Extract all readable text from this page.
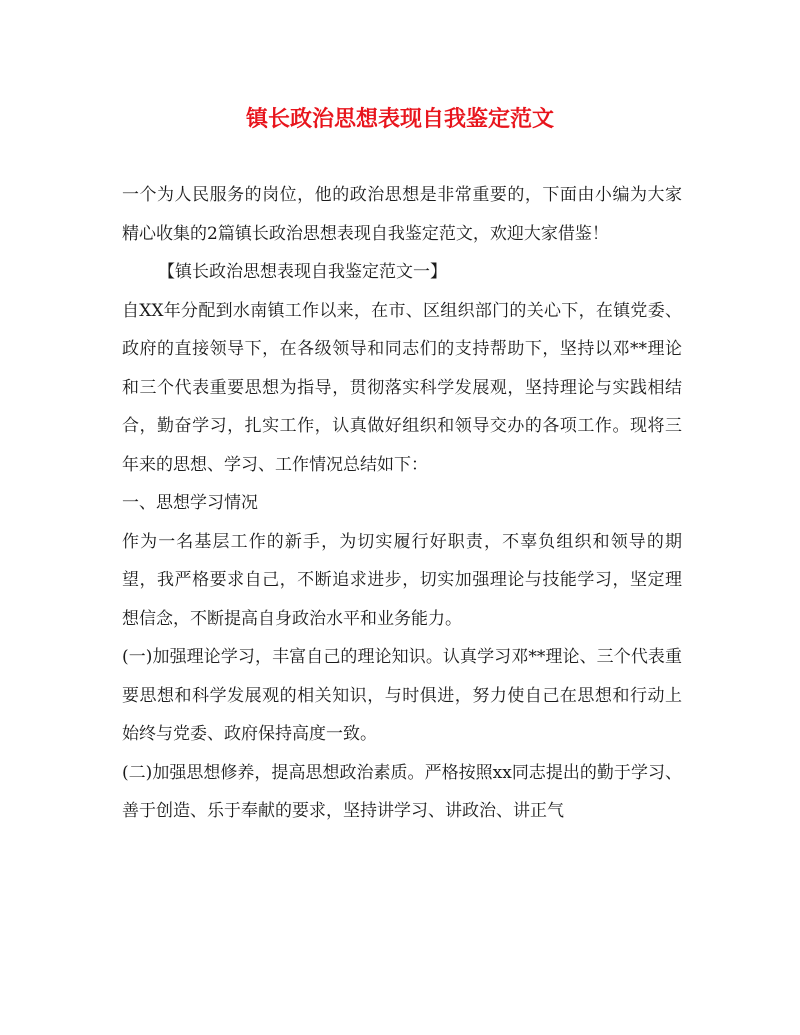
镇长政治思想表现自我鉴定范文

一个为人民服务的岗位，他的政治思想是非常重要的，下面由小编为大家精心收集的2篇镇长政治思想表现自我鉴定范文，欢迎大家借鉴！

【镇长政治思想表现自我鉴定范文一】

自XX年分配到水南镇工作以来，在市、区组织部门的关心下，在镇党委、政府的直接领导下，在各级领导和同志们的支持帮助下，坚持以邓**理论和三个代表重要思想为指导，贯彻落实科学发展观，坚持理论与实践相结合，勤奋学习，扎实工作，认真做好组织和领导交办的各项工作。现将三年来的思想、学习、工作情况总结如下：

一、思想学习情况

作为一名基层工作的新手，为切实履行好职责，不辜负组织和领导的期望，我严格要求自己，不断追求进步，切实加强理论与技能学习，坚定理想信念，不断提高自身政治水平和业务能力。

(一)加强理论学习，丰富自己的理论知识。认真学习邓**理论、三个代表重要思想和科学发展观的相关知识，与时俱进，努力使自己在思想和行动上始终与党委、政府保持高度一致。

(二)加强思想修养，提高思想政治素质。严格按照xx同志提出的勤于学习、善于创造、乐于奉献的要求，坚持讲学习、讲政治、讲正气
